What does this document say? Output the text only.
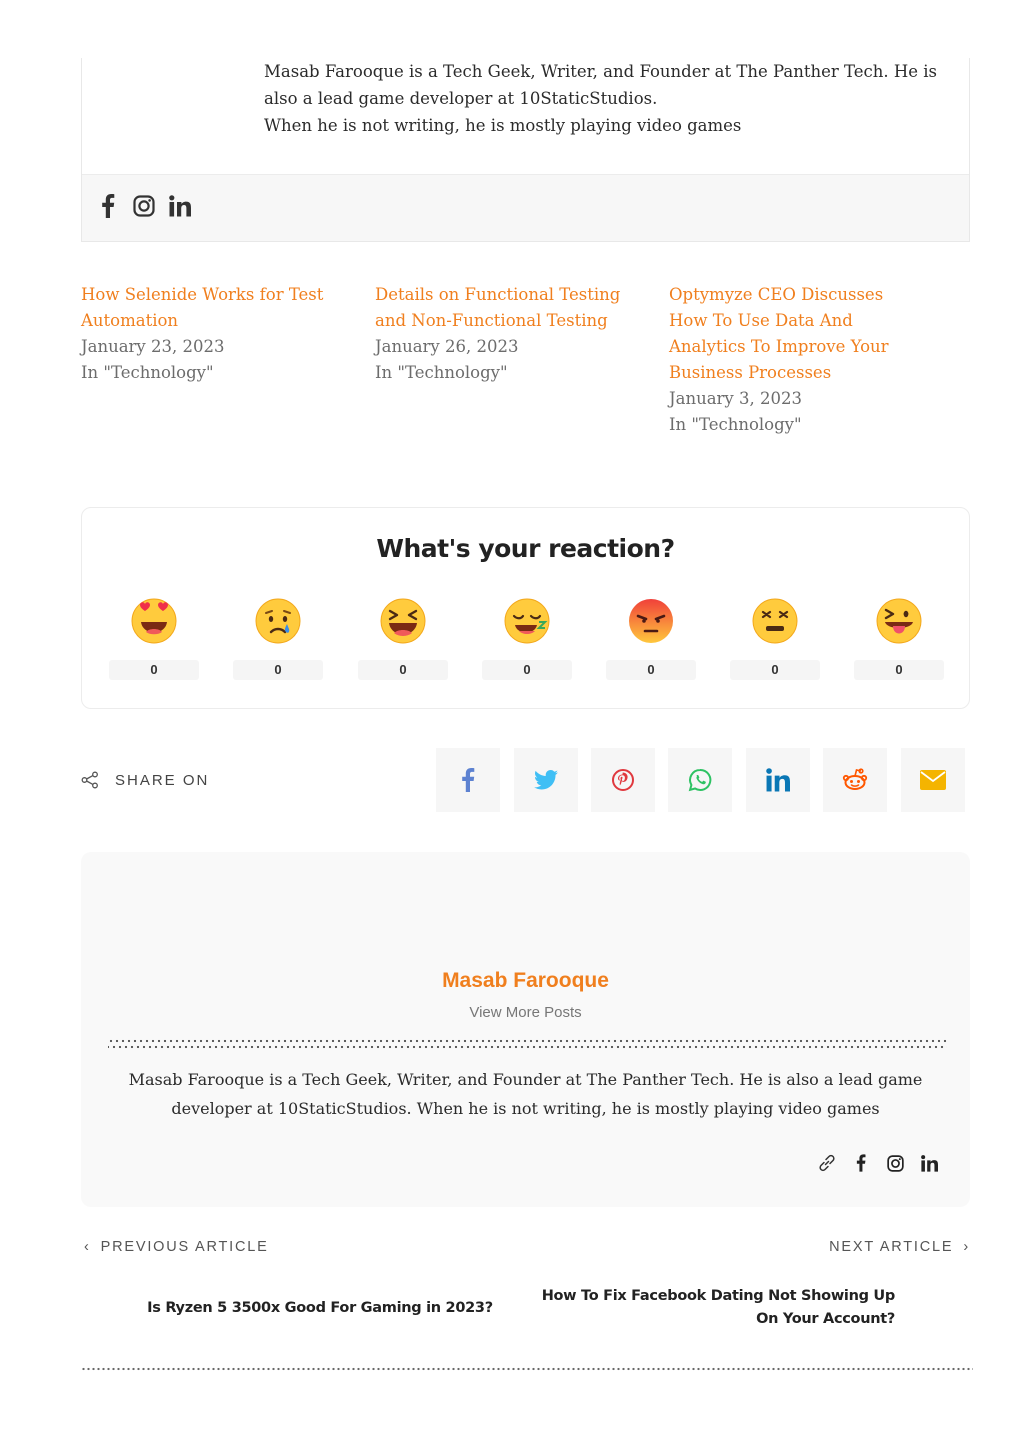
Masab Farooque is a Tech Geek, Writer, and Founder at The Panther Tech. He is also a lead game developer at 10StaticStudios.
When he is not writing, he is mostly playing video games
How Selenide Works for Test Automation
January 23, 2023
In "Technology"
Details on Functional Testing and Non-Functional Testing
January 26, 2023
In "Technology"
Optymyze CEO Discusses How To Use Data And Analytics To Improve Your Business Processes
January 3, 2023
In "Technology"
What's your reaction?
0	0	0	0	0	0	0
SHARE ON
Masab Farooque
View More Posts
Masab Farooque is a Tech Geek, Writer, and Founder at The Panther Tech. He is also a lead game developer at 10StaticStudios. When he is not writing, he is mostly playing video games
‹ PREVIOUS ARTICLE	NEXT ARTICLE ›
Is Ryzen 5 3500x Good For Gaming in 2023?
How To Fix Facebook Dating Not Showing Up On Your Account?
